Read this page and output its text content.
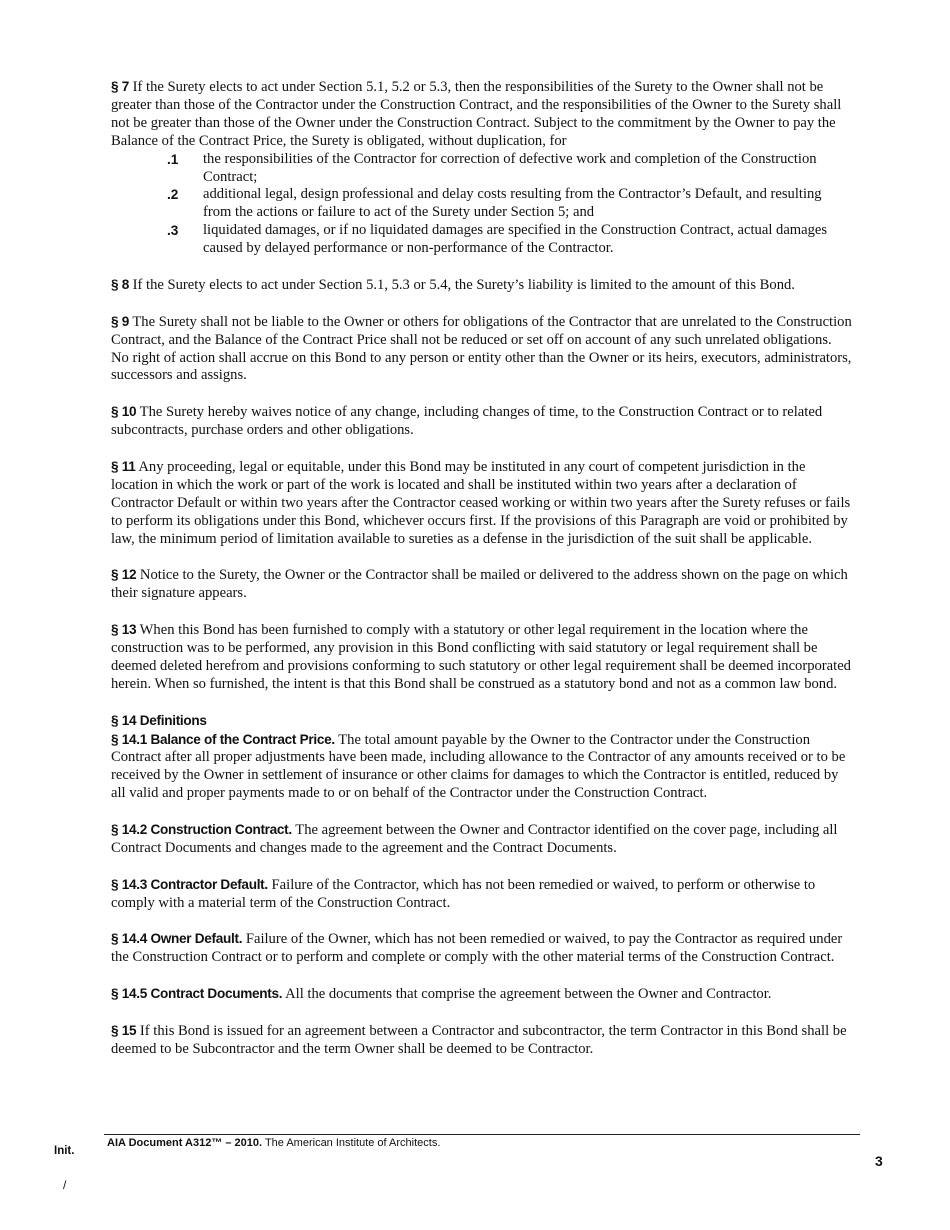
§ 7 If the Surety elects to act under Section 5.1, 5.2 or 5.3, then the responsibilities of the Surety to the Owner shall not be greater than those of the Contractor under the Construction Contract, and the responsibilities of the Owner to the Surety shall not be greater than those of the Owner under the Construction Contract. Subject to the commitment by the Owner to pay the Balance of the Contract Price, the Surety is obligated, without duplication, for

.1 the responsibilities of the Contractor for correction of defective work and completion of the Construction Contract;
.2 additional legal, design professional and delay costs resulting from the Contractor’s Default, and resulting from the actions or failure to act of the Surety under Section 5; and
.3 liquidated damages, or if no liquidated damages are specified in the Construction Contract, actual damages caused by delayed performance or non-performance of the Contractor.

§ 8 If the Surety elects to act under Section 5.1, 5.3 or 5.4, the Surety’s liability is limited to the amount of this Bond.

§ 9 The Surety shall not be liable to the Owner or others for obligations of the Contractor that are unrelated to the Construction Contract, and the Balance of the Contract Price shall not be reduced or set off on account of any such unrelated obligations. No right of action shall accrue on this Bond to any person or entity other than the Owner or its heirs, executors, administrators, successors and assigns.

§ 10 The Surety hereby waives notice of any change, including changes of time, to the Construction Contract or to related subcontracts, purchase orders and other obligations.

§ 11 Any proceeding, legal or equitable, under this Bond may be instituted in any court of competent jurisdiction in the location in which the work or part of the work is located and shall be instituted within two years after a declaration of Contractor Default or within two years after the Contractor ceased working or within two years after the Surety refuses or fails to perform its obligations under this Bond, whichever occurs first. If the provisions of this Paragraph are void or prohibited by law, the minimum period of limitation available to sureties as a defense in the jurisdiction of the suit shall be applicable.

§ 12 Notice to the Surety, the Owner or the Contractor shall be mailed or delivered to the address shown on the page on which their signature appears.

§ 13 When this Bond has been furnished to comply with a statutory or other legal requirement in the location where the construction was to be performed, any provision in this Bond conflicting with said statutory or legal requirement shall be deemed deleted herefrom and provisions conforming to such statutory or other legal requirement shall be deemed incorporated herein. When so furnished, the intent is that this Bond shall be construed as a statutory bond and not as a common law bond.

§ 14 Definitions

§ 14.1 Balance of the Contract Price. The total amount payable by the Owner to the Contractor under the Construction Contract after all proper adjustments have been made, including allowance to the Contractor of any amounts received or to be received by the Owner in settlement of insurance or other claims for damages to which the Contractor is entitled, reduced by all valid and proper payments made to or on behalf of the Contractor under the Construction Contract.

§ 14.2 Construction Contract. The agreement between the Owner and Contractor identified on the cover page, including all Contract Documents and changes made to the agreement and the Contract Documents.

§ 14.3 Contractor Default. Failure of the Contractor, which has not been remedied or waived, to perform or otherwise to comply with a material term of the Construction Contract.

§ 14.4 Owner Default. Failure of the Owner, which has not been remedied or waived, to pay the Contractor as required under the Construction Contract or to perform and complete or comply with the other material terms of the Construction Contract.

§ 14.5 Contract Documents. All the documents that comprise the agreement between the Owner and Contractor.

§ 15 If this Bond is issued for an agreement between a Contractor and subcontractor, the term Contractor in this Bond shall be deemed to be Subcontractor and the term Owner shall be deemed to be Contractor.

AIA Document A312™ – 2010. The American Institute of Architects.
Init.
/
3
